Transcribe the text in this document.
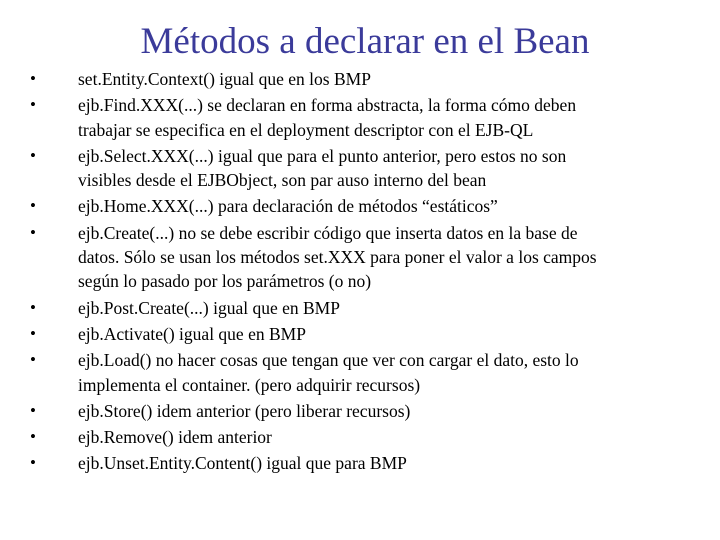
Métodos a declarar en el Bean
•	set.Entity.Context() igual que en los BMP
•	ejb.Find.XXX(...) se declaran en forma abstracta, la forma cómo deben
trabajar se especifica en el deployment descriptor con el EJB-QL
•	ejb.Select.XXX(...) igual que para el punto anterior, pero estos no son
visibles desde el EJBObject, son par auso interno del bean
•	ejb.Home.XXX(...) para declaración de métodos “estáticos”
•	ejb.Create(...) no se debe escribir código que inserta datos en la base de
datos. Sólo se usan los métodos set.XXX para poner el valor a los campos
según lo pasado por los parámetros (o no)
•	ejb.Post.Create(...) igual que en BMP
•	ejb.Activate() igual que en BMP
•	ejb.Load() no hacer cosas que tengan que ver con cargar el dato, esto lo
implementa el container. (pero adquirir recursos)
•	ejb.Store() idem anterior (pero liberar recursos)
•	ejb.Remove() idem anterior
•	ejb.Unset.Entity.Content() igual que para BMP
